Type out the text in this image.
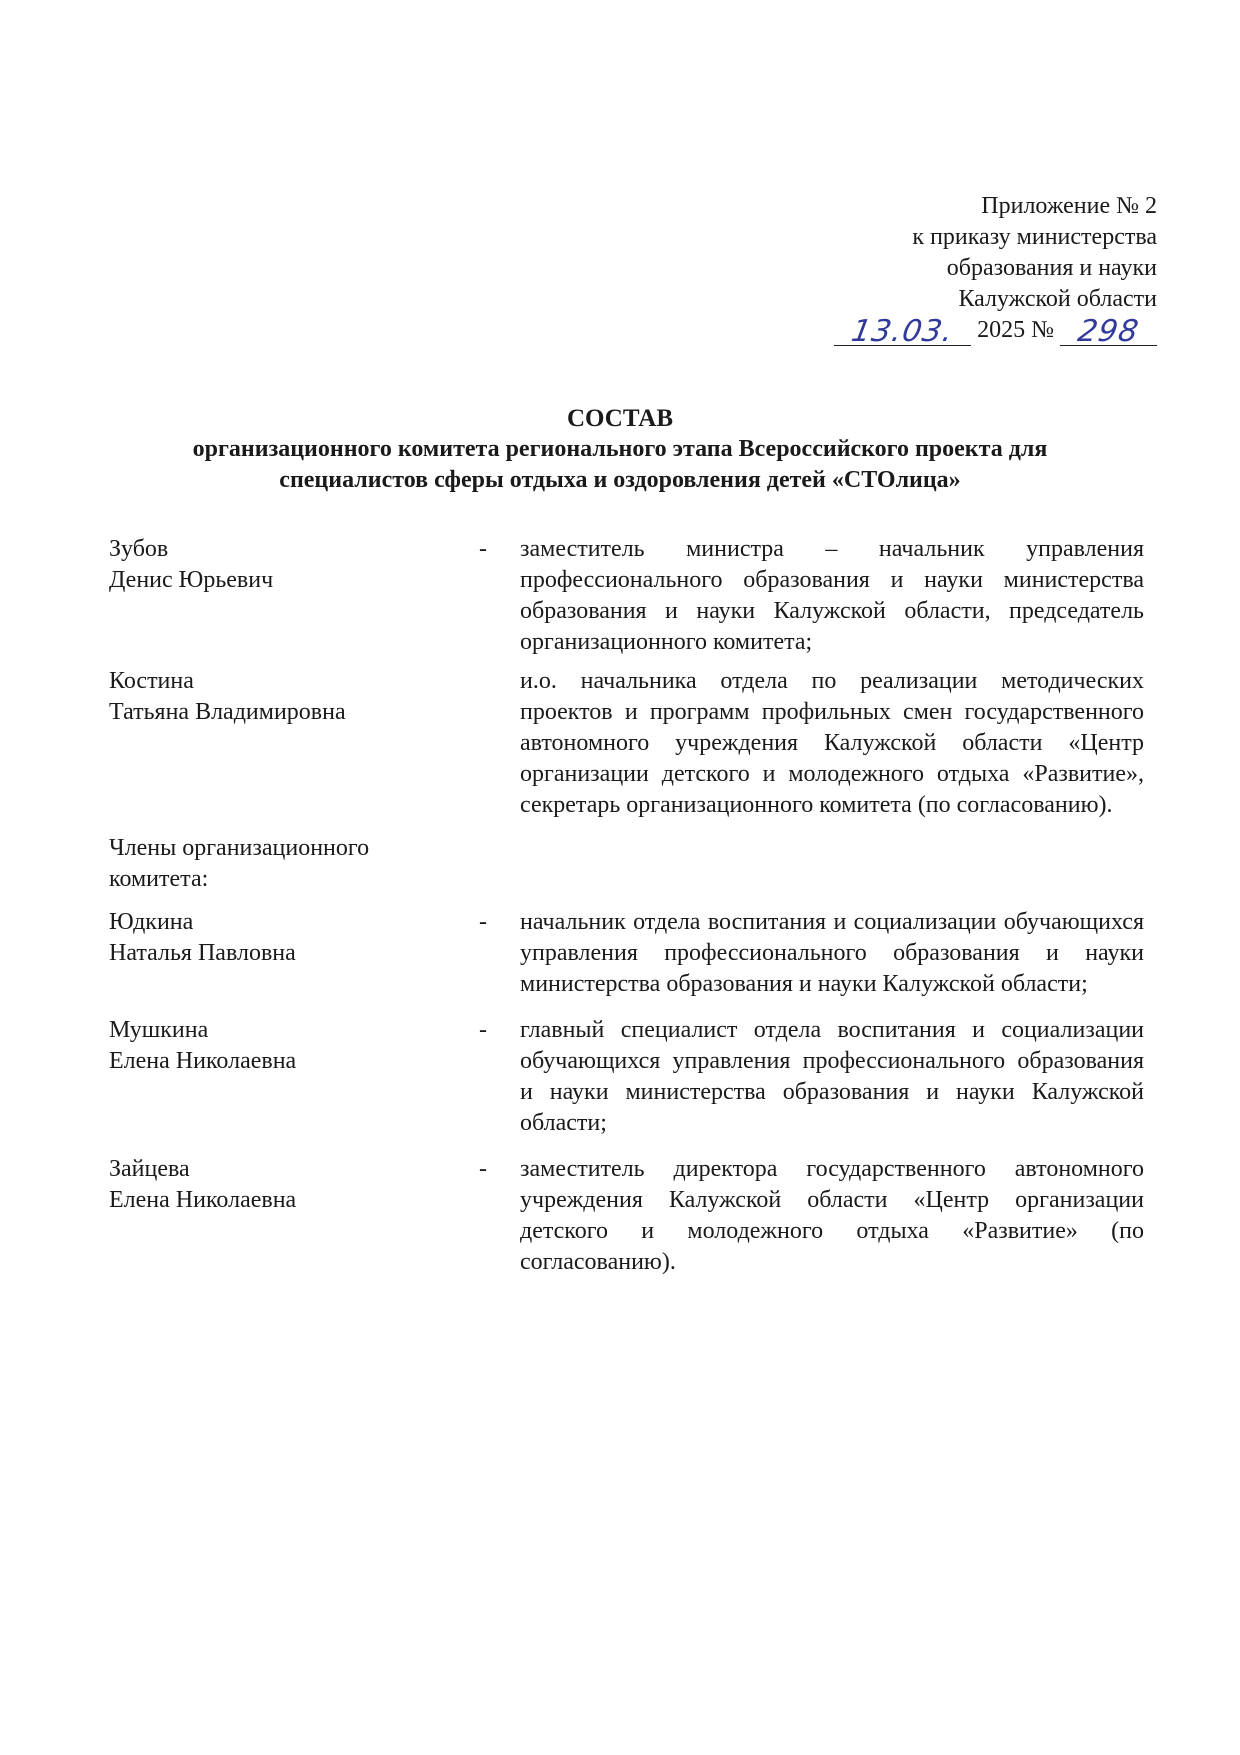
Приложение № 2
к приказу министерства
образования и науки
Калужской области
13.03. 2025 № 298
СОСТАВ
организационного комитета регионального этапа Всероссийского проекта для специалистов сферы отдыха и оздоровления детей «СТОлица»
Зубов
Денис Юрьевич
-	заместитель министра – начальник управления профессионального образования и науки министерства образования и науки Калужской области, председатель организационного комитета;
Костина
Татьяна Владимировна
и.о. начальника отдела по реализации методических проектов и программ профильных смен государственного автономного учреждения Калужской области «Центр организации детского и молодежного отдыха «Развитие», секретарь организационного комитета (по согласованию).
Члены организационного комитета:
Юдкина
Наталья Павловна
-	начальник отдела воспитания и социализации обучающихся управления профессионального образования и науки министерства образования и науки Калужской области;
Мушкина
Елена Николаевна
-	главный специалист отдела воспитания и социализации обучающихся управления профессионального образования и науки министерства образования и науки Калужской области;
Зайцева
Елена Николаевна
-	заместитель директора государственного автономного учреждения Калужской области «Центр организации детского и молодежного отдыха «Развитие» (по согласованию).
